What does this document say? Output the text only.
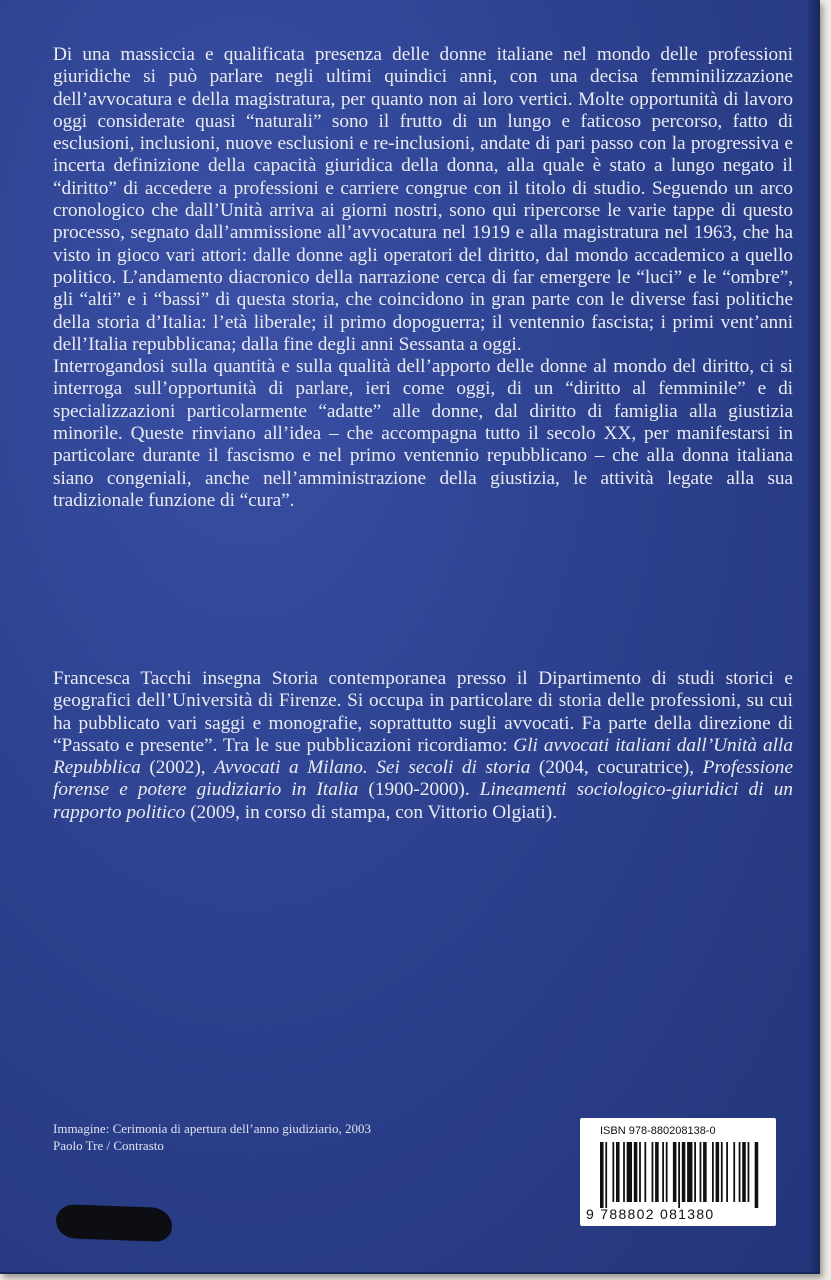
Di una massiccia e qualificata presenza delle donne italiane nel mondo delle professioni giuridiche si può parlare negli ultimi quindici anni, con una decisa femminilizzazione dell’avvocatura e della magistratura, per quanto non ai loro vertici. Molte opportunità di lavoro oggi considerate quasi “naturali” sono il frutto di un lungo e faticoso percorso, fatto di esclusioni, inclusioni, nuove esclusioni e re-inclusioni, andate di pari passo con la progressiva e incerta definizione della capacità giuridica della donna, alla quale è stato a lungo negato il “diritto” di accedere a professioni e carriere congrue con il titolo di studio. Seguendo un arco cronologico che dall’Unità arriva ai giorni nostri, sono qui ripercorse le varie tappe di questo processo, segnato dall’ammissione all’avvocatura nel 1919 e alla magistratura nel 1963, che ha visto in gioco vari attori: dalle donne agli operatori del diritto, dal mondo accademico a quello politico. L’andamento diacronico della narrazione cerca di far emergere le “luci” e le “ombre”, gli “alti” e i “bassi” di questa storia, che coincidono in gran parte con le diverse fasi politiche della storia d’Italia: l’età liberale; il primo dopoguerra; il ventennio fascista; i primi vent’anni dell’Italia repubblicana; dalla fine degli anni Sessanta a oggi.

Interrogandosi sulla quantità e sulla qualità dell’apporto delle donne al mondo del diritto, ci si interroga sull’opportunità di parlare, ieri come oggi, di un “diritto al femminile” e di specializzazioni particolarmente “adatte” alle donne, dal diritto di famiglia alla giustizia minorile. Queste rinviano all’idea – che accompagna tutto il secolo XX, per manifestarsi in particolare durante il fascismo e nel primo ventennio repubblicano – che alla donna italiana siano congeniali, anche nell’amministrazione della giustizia, le attività legate alla sua tradizionale funzione di “cura”.

Francesca Tacchi insegna Storia contemporanea presso il Dipartimento di studi storici e geografici dell’Università di Firenze. Si occupa in particolare di storia delle professioni, su cui ha pubblicato vari saggi e monografie, soprattutto sugli avvocati. Fa parte della direzione di “Passato e presente”. Tra le sue pubblicazioni ricordiamo: Gli avvocati italiani dall’Unità alla Repubblica (2002), Avvocati a Milano. Sei secoli di storia (2004, cocuratrice), Professione forense e potere giudiziario in Italia (1900-2000). Lineamenti sociologico-giuridici di un rapporto politico (2009, in corso di stampa, con Vittorio Olgiati).

Immagine: Cerimonia di apertura dell’anno giudiziario, 2003
Paolo Tre / Contrasto
ISBN 978-880208138-0
9 788802 081380
